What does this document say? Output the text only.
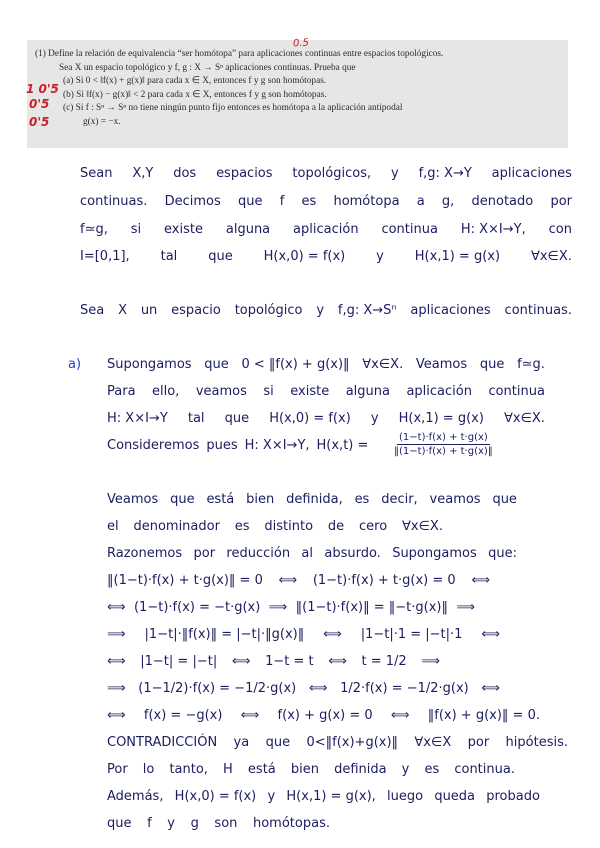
(1) Define la relación de equivalencia “ser homótopa” para aplicaciones continuas entre espacios topológicos.
Sea X un espacio topológico y f, g : X → Sⁿ aplicaciones continuas. Prueba que
(a) Si 0 < ‖f(x) + g(x)‖ para cada x ∈ X, entonces f y g son homótopas.
(b) Si ‖f(x) − g(x)‖ < 2 para cada x ∈ X, entonces f y g son homótopas.
(c) Si f : Sⁿ → Sⁿ no tiene ningún punto fijo entonces es homótopa a la aplicación antipodal
g(x) = −x.
0.5
1 0'5
0'5
0'5
Sean X,Y dos espacios topológicos, y f,g: X→Y aplicaciones
continuas. Decimos que f es homótopa a g, denotado por
f≃g, si existe alguna aplicación continua H: X×I→Y, con
I=[0,1], tal que H(x,0) = f(x) y H(x,1) = g(x) ∀x∈X.
Sea X un espacio topológico y f,g: X→Sⁿ aplicaciones continuas.
Supongamos que 0 < ‖f(x) + g(x)‖ ∀x∈X. Veamos que f≃g.
Para ello, veamos si existe alguna aplicación continua
H: X×I→Y tal que H(x,0) = f(x) y H(x,1) = g(x) ∀x∈X.
Consideremos pues H: X×I→Y, H(x,t) =	$\frac{(1-t)\cdot f(x) + t\cdot g(x)}{‖(1-t)\cdot f(x) + t\cdot g(x)‖}$
Veamos que está bien definida, es decir, veamos que
el denominador es distinto de cero ∀x∈X.
Razonemos por reducción al absurdo. Supongamos que:
‖(1−t)·f(x) + t·g(x)‖ = 0 ⟺ (1−t)·f(x) + t·g(x) = 0 ⟺
⟺ (1−t)·f(x) = −t·g(x) ⟹ ‖(1−t)·f(x)‖ = ‖−t·g(x)‖ ⟹
⟹ |1−t|·‖f(x)‖ = |−t|·‖g(x)‖ ⟺ |1−t|·1 = |−t|·1 ⟺
⟺ |1−t| = |−t| ⟺ 1−t = t ⟺ t = 1/2 ⟹
⟹ (1−1/2)·f(x) = −1/2·g(x) ⟺ 1/2·f(x) = −1/2·g(x) ⟺
⟺ f(x) = −g(x) ⟺ f(x) + g(x) = 0 ⟺ ‖f(x) + g(x)‖ = 0.
CONTRADICCIÓN ya que 0<‖f(x)+g(x)‖ ∀x∈X por hipótesis.
Por lo tanto, H está bien definida y es continua.
Además, H(x,0) = f(x) y H(x,1) = g(x), luego queda probado
que f y g son homótopas.
a)
